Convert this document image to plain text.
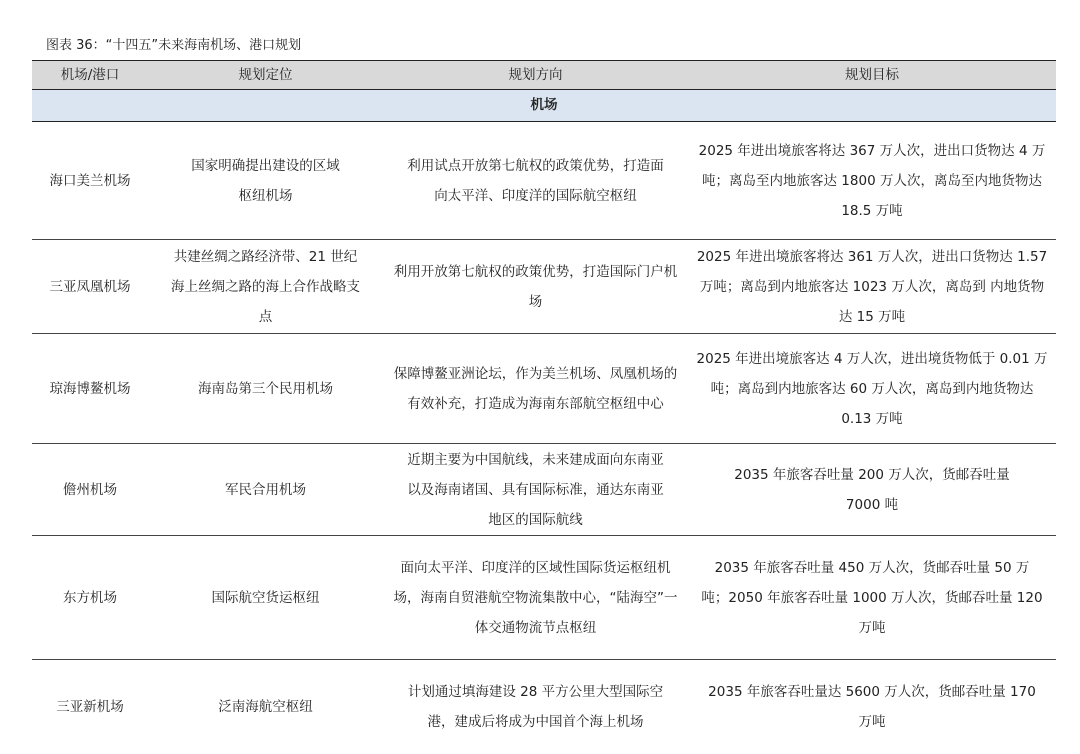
图表 36：“十四五”未来海南机场、港口规划
机场/港口	规划定位	规划方向	规划目标
机场			
海口美兰机场	国家明确提出建设的区域枢纽机场	利用试点开放第七航权的政策优势，打造面向太平洋、印度洋的国际航空枢纽	2025 年进出境旅客将达 367 万人次，进出口货物达 4 万吨；离岛至内地旅客达 1800 万人次，离岛至内地货物达 18.5 万吨
三亚凤凰机场	共建丝绸之路经济带、21 世纪海上丝绸之路的海上合作战略支点	利用开放第七航权的政策优势，打造国际门户机场	2025 年进出境旅客将达 361 万人次，进出口货物达 1.57 万吨；离岛到内地旅客达 1023 万人次，离岛到 内地货物达 15 万吨
琼海博鳌机场	海南岛第三个民用机场	保障博鳌亚洲论坛，作为美兰机场、凤凰机场的有效补充，打造成为海南东部航空枢纽中心	2025 年进出境旅客达 4 万人次，进出境货物低于 0.01 万吨；离岛到内地旅客达 60 万人次，离岛到内地货物达 0.13 万吨
儋州机场	军民合用机场	近期主要为中国航线，未来建成面向东南亚以及海南诸国、具有国际标准，通达东南亚地区的国际航线	2035 年旅客吞吐量 200 万人次，货邮吞吐量 7000 吨
东方机场	国际航空货运枢纽	面向太平洋、印度洋的区域性国际货运枢纽机场，海南自贸港航空物流集散中心，“陆海空”一体交通物流节点枢纽	2035 年旅客吞吐量 450 万人次，货邮吞吐量 50 万 吨；2050 年旅客吞吐量 1000 万人次，货邮吞吐量 120 万吨
三亚新机场	泛南海航空枢纽	计划通过填海建设 28 平方公里大型国际空港，建成后将成为中国首个海上机场	2035 年旅客吞吐量达 5600 万人次，货邮吞吐量 170 万吨
